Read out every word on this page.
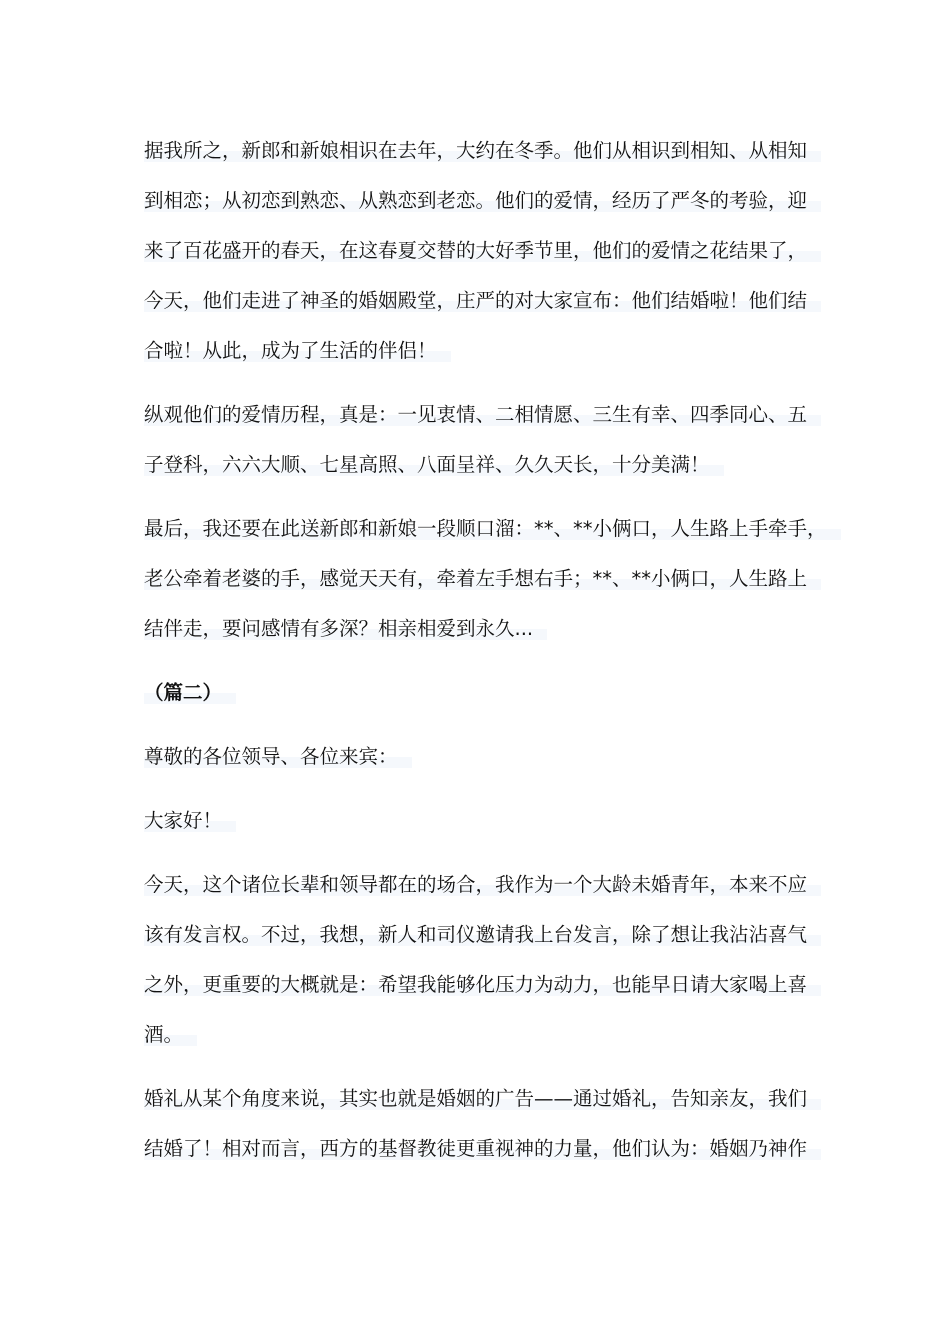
据我所之，新郎和新娘相识在去年，大约在冬季。他们从相识到相知、从相知
到相恋；从初恋到熟恋、从熟恋到老恋。他们的爱情，经历了严冬的考验，迎
来了百花盛开的春天，在这春夏交替的大好季节里，他们的爱情之花结果了，
今天，他们走进了神圣的婚姻殿堂，庄严的对大家宣布：他们结婚啦！他们结
合啦！从此，成为了生活的伴侣！

纵观他们的爱情历程，真是：一见衷情、二相情愿、三生有幸、四季同心、五
子登科，六六大顺、七星高照、八面呈祥、久久天长，十分美满！

最后，我还要在此送新郎和新娘一段顺口溜：**、**小俩口，人生路上手牵手，
老公牵着老婆的手，感觉天天有，牵着左手想右手；**、**小俩口，人生路上
结伴走，要问感情有多深？相亲相爱到永久...

（篇二）

尊敬的各位领导、各位来宾：

大家好！

今天，这个诸位长辈和领导都在的场合，我作为一个大龄未婚青年，本来不应
该有发言权。不过，我想，新人和司仪邀请我上台发言，除了想让我沾沾喜气
之外，更重要的大概就是：希望我能够化压力为动力，也能早日请大家喝上喜
酒。

婚礼从某个角度来说，其实也就是婚姻的广告——通过婚礼，告知亲友，我们
结婚了！相对而言，西方的基督教徒更重视神的力量，他们认为：婚姻乃神作
